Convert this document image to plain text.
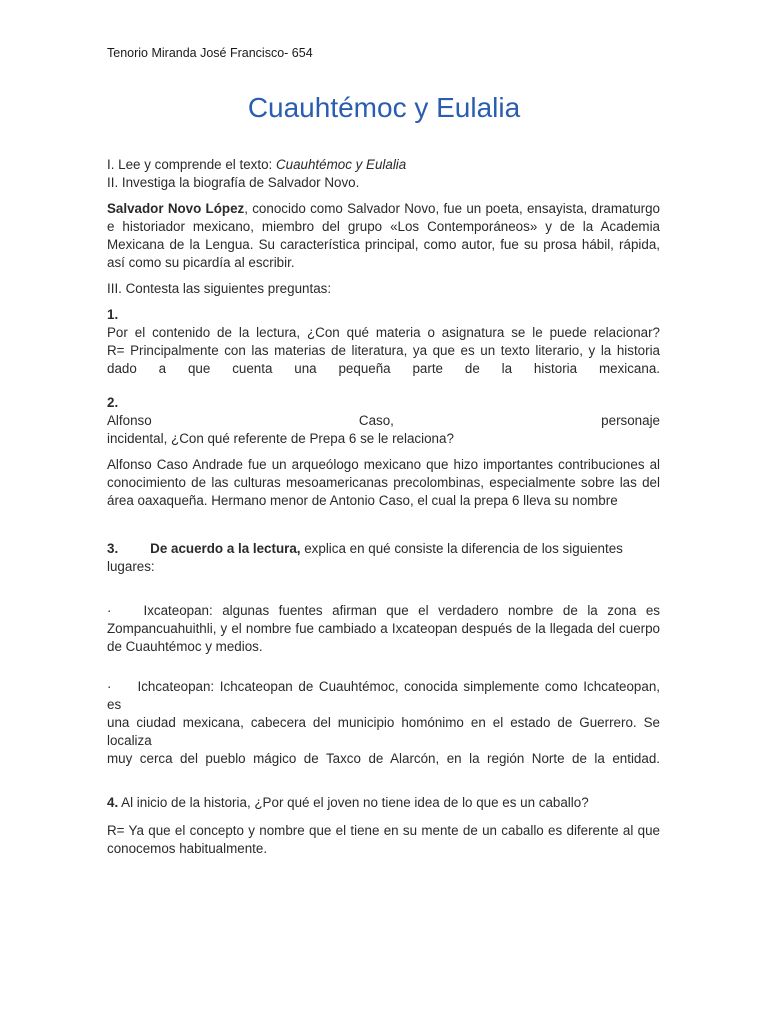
Tenorio Miranda José Francisco- 654
Cuauhtémoc y Eulalia

I. Lee y comprende el texto: Cuauhtémoc y Eulalia

II. Investiga la biografía de Salvador Novo.

Salvador Novo López, conocido como Salvador Novo, fue un poeta, ensayista, dramaturgo e historiador mexicano, miembro del grupo «Los Contemporáneos» y de la Academia Mexicana de la Lengua. Su característica principal, como autor, fue su prosa hábil, rápida, así como su picardía al escribir.

III. Contesta las siguientes preguntas:

1.

Por el contenido de la lectura, ¿Con qué materia o asignatura se le puede relacionar?

R= Principalmente con las materias de literatura, ya que es un texto literario, y la historia

dado a que cuenta una pequeña parte de la historia mexicana.

2.

Alfonso Caso,	personaje

incidental, ¿Con qué referente de Prepa 6 se le relaciona?

Alfonso Caso Andrade fue un arqueólogo mexicano que hizo importantes contribuciones al conocimiento de las culturas mesoamericanas precolombinas, especialmente sobre las del área oaxaqueña. Hermano menor de Antonio Caso, el cual la prepa 6 lleva su nombre

3. De acuerdo a la lectura, explica en qué consiste la diferencia de los siguientes lugares:

· Ixcateopan: algunas fuentes afirman que el verdadero nombre de la zona es Zompancuahuithli, y el nombre fue cambiado a Ixcateopan después de la llegada del cuerpo de Cuauhtémoc y medios.

· Ichcateopan: Ichcateopan de Cuauhtémoc, conocida simplemente como Ichcateopan, es

una ciudad mexicana, cabecera del municipio homónimo en el estado de Guerrero. Se localiza

muy cerca del pueblo mágico de Taxco de Alarcón, en la región Norte de la entidad.

4. Al inicio de la historia, ¿Por qué el joven no tiene idea de lo que es un caballo?

R= Ya que el concepto y nombre que el tiene en su mente de un caballo es diferente al que conocemos habitualmente.
